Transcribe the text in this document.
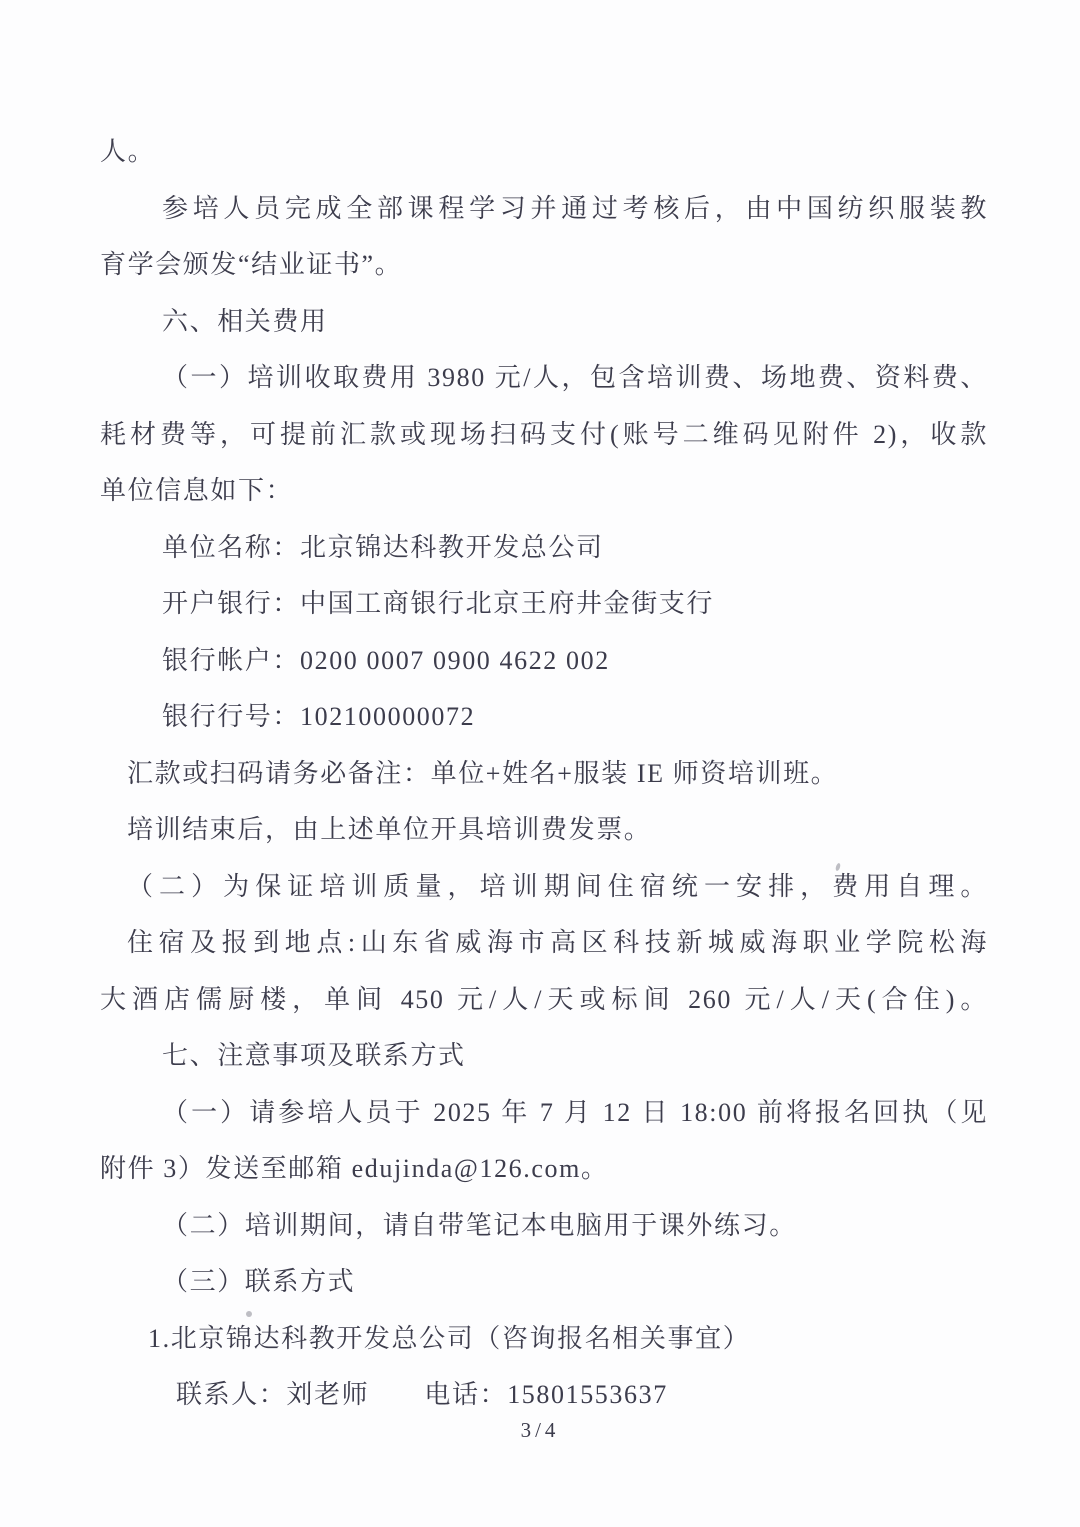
人。
参培人员完成全部课程学习并通过考核后，由中国纺织服装教
育学会颁发“结业证书”。
六、相关费用
（一）培训收取费用 3980 元/人，包含培训费、场地费、资料费、
耗材费等，可提前汇款或现场扫码支付(账号二维码见附件 2)，收款
单位信息如下：
单位名称：北京锦达科教开发总公司
开户银行：中国工商银行北京王府井金街支行
银行帐户：0200 0007 0900 4622 002
银行行号：102100000072
汇款或扫码请务必备注：单位+姓名+服装 IE 师资培训班。
培训结束后，由上述单位开具培训费发票。
（二）为保证培训质量，培训期间住宿统一安排，费用自理。
住宿及报到地点:山东省威海市高区科技新城威海职业学院松海
大酒店儒厨楼，单间 450 元/人/天或标间 260 元/人/天(合住)。
七、注意事项及联系方式
（一）请参培人员于 2025 年 7 月 12 日 18:00 前将报名回执（见
附件 3）发送至邮箱 edujinda@126.com。
（二）培训期间，请自带笔记本电脑用于课外练习。
（三）联系方式
1.北京锦达科教开发总公司（咨询报名相关事宜）
联系人：刘老师　　电话：15801553637
3/4
